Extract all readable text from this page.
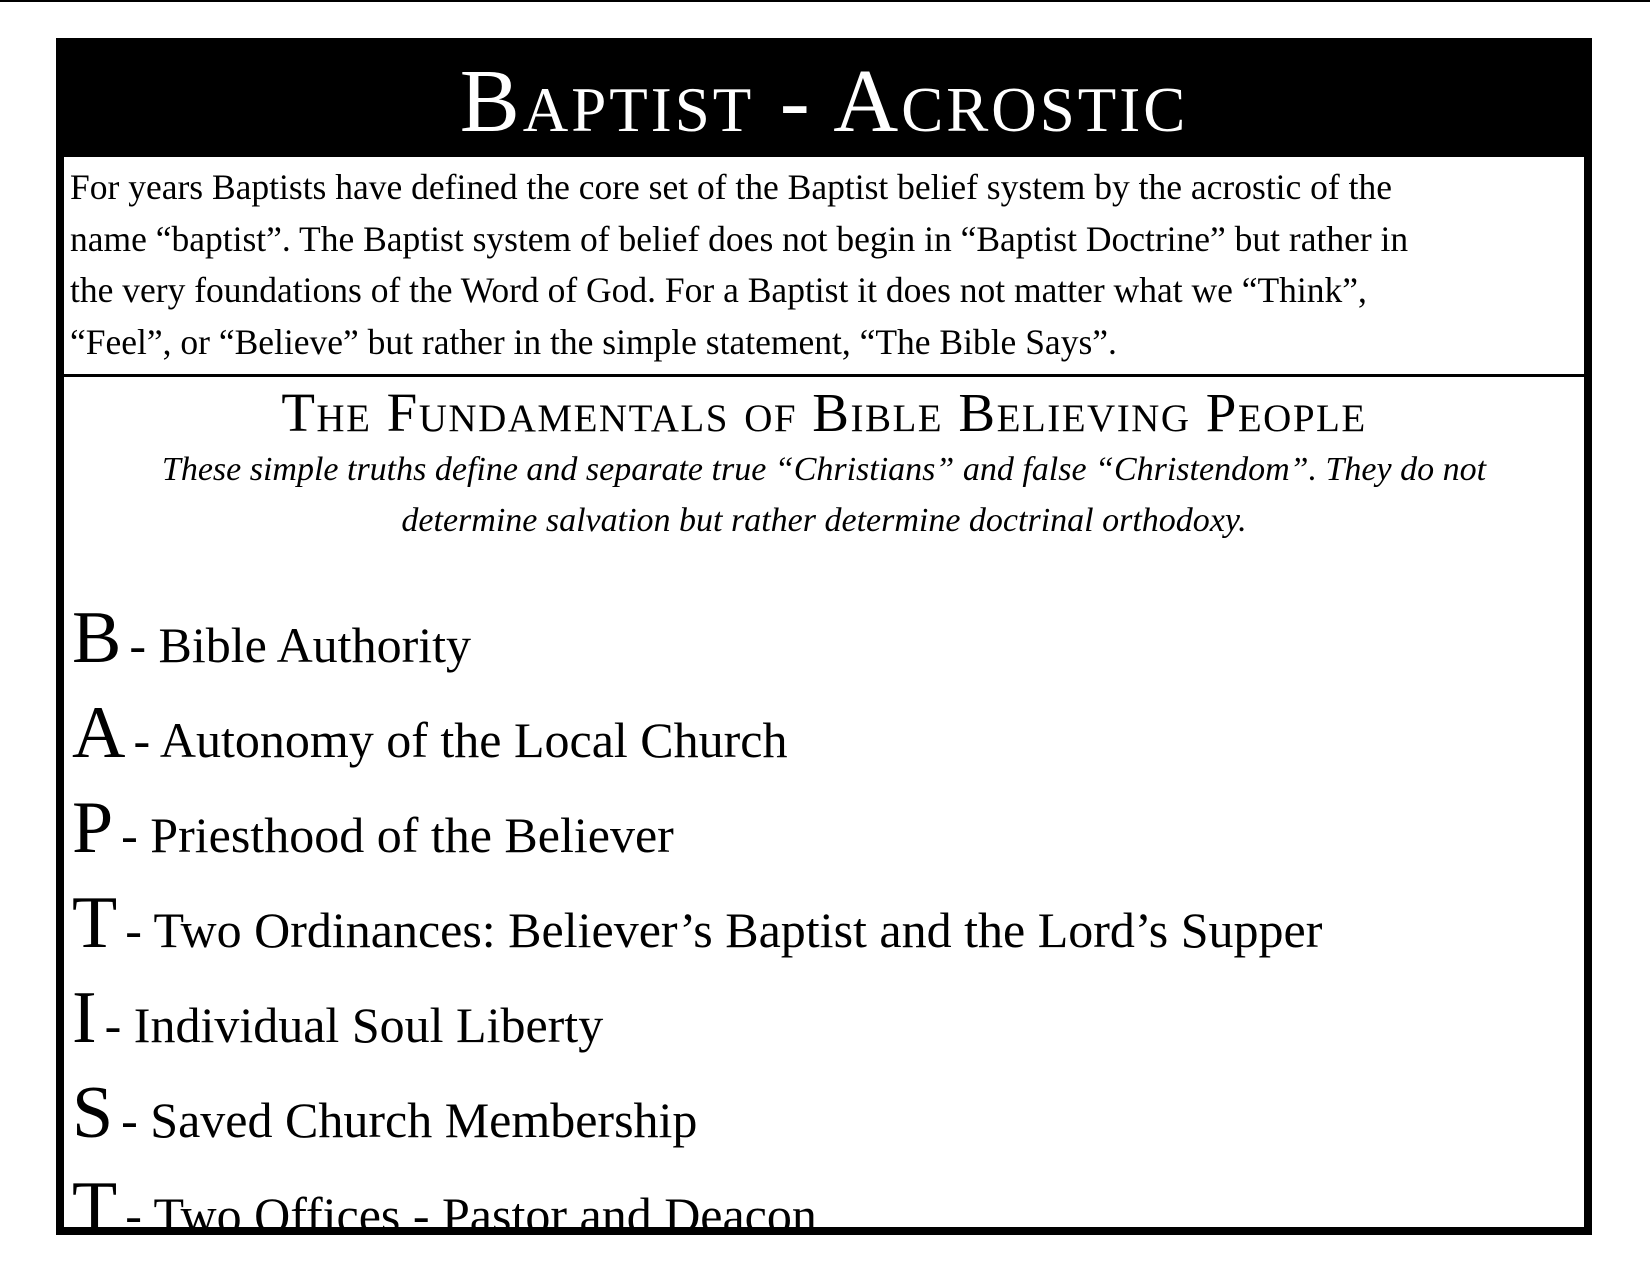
Baptist - Acrostic
For years Baptists have defined the core set of the Baptist belief system by the acrostic of the
name “baptist”. The Baptist system of belief does not begin in “Baptist Doctrine” but rather in
the very foundations of the Word of God. For a Baptist it does not matter what we “Think”,
“Feel”, or “Believe” but rather in the simple statement, “The Bible Says”.
The Fundamentals of Bible Believing People
These simple truths define and separate true “Christians” and false “Christendom”. They do not
determine salvation but rather determine doctrinal orthodoxy.
B - Bible Authority
A - Autonomy of the Local Church
P - Priesthood of the Believer
T - Two Ordinances: Believer’s Baptist and the Lord’s Supper
I - Individual Soul Liberty
S - Saved Church Membership
T - Two Offices - Pastor and Deacon
